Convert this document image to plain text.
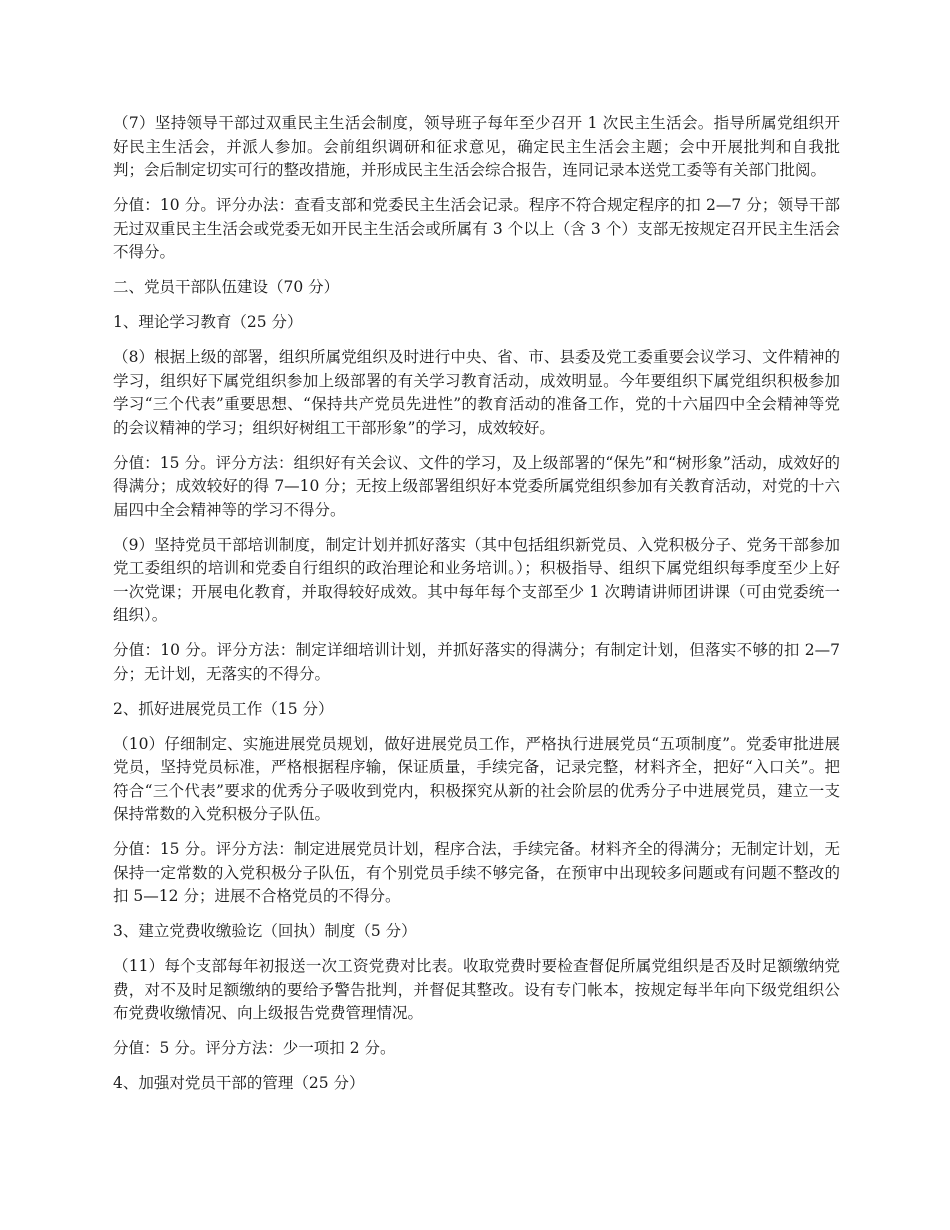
（7）坚持领导干部过双重民主生活会制度，领导班子每年至少召开 1 次民主生活会。指导所属党组织开好民主生活会，并派人参加。会前组织调研和征求意见，确定民主生活会主题；会中开展批判和自我批判；会后制定切实可行的整改措施，并形成民主生活会综合报告，连同记录本送党工委等有关部门批阅。

分值：10 分。评分办法：查看支部和党委民主生活会记录。程序不符合规定程序的扣 2—7 分；领导干部无过双重民主生活会或党委无如开民主生活会或所属有 3 个以上（含 3 个）支部无按规定召开民主生活会不得分。

二、党员干部队伍建设（70 分）

1、理论学习教育（25 分）

（8）根据上级的部署，组织所属党组织及时进行中央、省、市、县委及党工委重要会议学习、文件精神的学习，组织好下属党组织参加上级部署的有关学习教育活动，成效明显。今年要组织下属党组织积极参加学习“三个代表”重要思想、“保持共产党员先进性”的教育活动的准备工作，党的十六届四中全会精神等党的会议精神的学习；组织好树组工干部形象”的学习，成效较好。

分值：15 分。评分方法：组织好有关会议、文件的学习，及上级部署的“保先”和“树形象”活动，成效好的得满分；成效较好的得 7—10 分；无按上级部署组织好本党委所属党组织参加有关教育活动，对党的十六届四中全会精神等的学习不得分。

（9）坚持党员干部培训制度，制定计划并抓好落实（其中包括组织新党员、入党积极分子、党务干部参加党工委组织的培训和党委自行组织的政治理论和业务培训。）；积极指导、组织下属党组织每季度至少上好一次党课；开展电化教育，并取得较好成效。其中每年每个支部至少 1 次聘请讲师团讲课（可由党委统一组织）。

分值：10 分。评分方法：制定详细培训计划，并抓好落实的得满分；有制定计划，但落实不够的扣 2—7 分；无计划，无落实的不得分。

2、抓好进展党员工作（15 分）

（10）仔细制定、实施进展党员规划，做好进展党员工作，严格执行进展党员“五项制度”。党委审批进展党员，坚持党员标准，严格根据程序输，保证质量，手续完备，记录完整，材料齐全，把好“入口关”。把符合“三个代表”要求的优秀分子吸收到党内，积极探究从新的社会阶层的优秀分子中进展党员，建立一支保持常数的入党积极分子队伍。

分值：15 分。评分方法：制定进展党员计划，程序合法，手续完备。材料齐全的得满分；无制定计划，无保持一定常数的入党积极分子队伍，有个别党员手续不够完备，在预审中出现较多问题或有问题不整改的扣 5—12 分；进展不合格党员的不得分。

3、建立党费收缴验讫（回执）制度（5 分）

（11）每个支部每年初报送一次工资党费对比表。收取党费时要检查督促所属党组织是否及时足额缴纳党费，对不及时足额缴纳的要给予警告批判，并督促其整改。设有专门帐本，按规定每半年向下级党组织公布党费收缴情况、向上级报告党费管理情况。

分值：5 分。评分方法：少一项扣 2 分。

4、加强对党员干部的管理（25 分）
